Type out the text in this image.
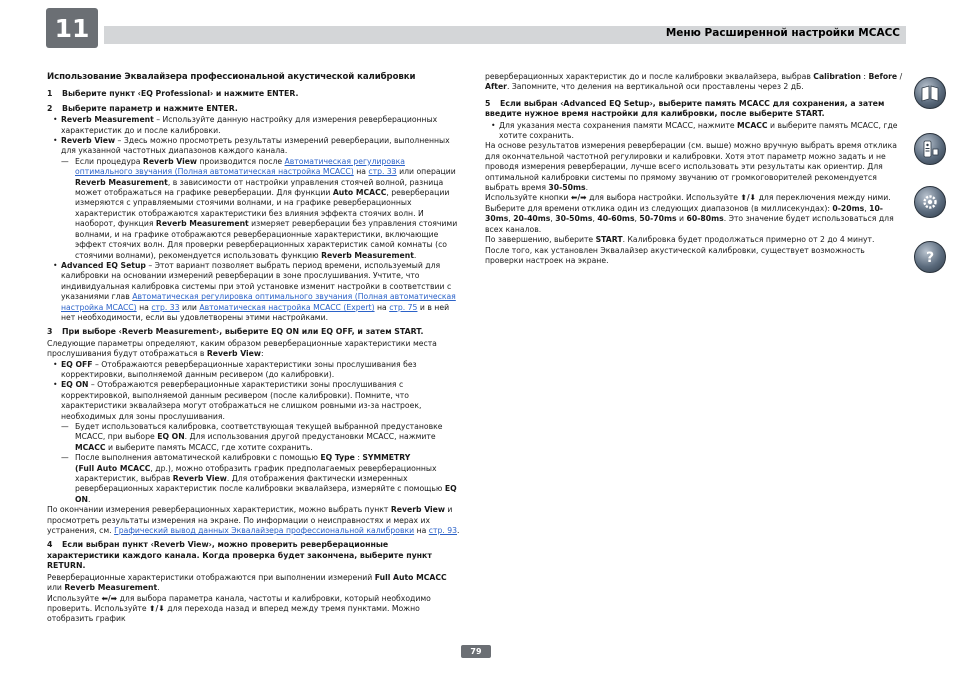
11	Меню Расширенной настройки MCACC
Использование Эквалайзера профессиональной акустической калибровки
1 Выберите пункт ‹EQ Professional› и нажмите ENTER.
2 Выберите параметр и нажмите ENTER.
• Reverb Measurement – Используйте данную настройку для измерения реверберационных характеристик до и после калибровки.
• Reverb View – Здесь можно просмотреть результаты измерений реверберации, выполненных для указанной частотных диапазонов каждого канала.
— Если процедура Reverb View производится после Автоматическая регулировка оптимального звучания (Полная автоматическая настройка MCACC) на стр. 33 или операции Reverb Measurement, в зависимости от настройки управления стоячей волной, разница может отображаться на графике реверберации. Для функции Auto MCACC, реверберации измеряются с управляемыми стоячими волнами, и на графике реверберационных характеристик отображаются характеристики без влияния эффекта стоячих волн. И наоборот, функция Reverb Measurement измеряет реверберации без управления стоячими волнами, и на графике отображаются реверберационные характеристики, включающие эффект стоячих волн. Для проверки реверберационных характеристик самой комнаты (со стоячими волнами), рекомендуется использовать функцию Reverb Measurement.
• Advanced EQ Setup – Этот вариант позволяет выбрать период времени, используемый для калибровки на основании измерений реверберации в зоне прослушивания. Учтите, что индивидуальная калибровка системы при этой установке изменит настройки в соответствии с указаниями глав Автоматическая регулировка оптимального звучания (Полная автоматическая настройка MCACC) на стр. 33 или Автоматическая настройка MCACC (Expert) на стр. 75 и в ней нет необходимости, если вы удовлетворены этими настройками.
3 При выборе ‹Reverb Measurement›, выберите EQ ON или EQ OFF, и затем START.
Следующие параметры определяют, каким образом реверберационные характеристики места прослушивания будут отображаться в Reverb View:
• EQ OFF – Отображаются реверберационные характеристики зоны прослушивания без корректировки, выполняемой данным ресивером (до калибровки).
• EQ ON – Отображаются реверберационные характеристики зоны прослушивания с корректировкой, выполняемой данным ресивером (после калибровки). Помните, что характеристики эквалайзера могут отображаться не слишком ровными из-за настроек, необходимых для зоны прослушивания.
— Будет использоваться калибровка, соответствующая текущей выбранной предустановке MCACC, при выборе EQ ON. Для использования другой предустановки MCACC, нажмите MCACC и выберите память MCACC, где хотите сохранить.
— После выполнения автоматической калибровки с помощью EQ Type : SYMMETRY
(Full Auto MCACC, др.), можно отобразить график предполагаемых реверберационных характеристик, выбрав Reverb View. Для отображения фактически измеренных реверберационных характеристик после калибровки эквалайзера, измеряйте с помощью EQ ON.
По окончании измерения реверберационных характеристик, можно выбрать пункт Reverb View и просмотреть результаты измерения на экране. По информации о неисправностях и мерах их устранения, см. Графический вывод данных Эквалайзера профессиональной калибровки на стр. 93.
4 Если выбран пункт ‹Reverb View›, можно проверить реверберационные характеристики каждого канала. Когда проверка будет закончена, выберите пункт RETURN.
Реверберационные характеристики отображаются при выполнении измерений Full Auto MCACC или Reverb Measurement.
Используйте ⬅/➡ для выбора параметра канала, частоты и калибровки, который необходимо проверить. Используйте ⬆/⬇ для перехода назад и вперед между тремя пунктами. Можно отобразить график
реверберационных характеристик до и после калибровки эквалайзера, выбрав Calibration : Before /
After. Запомните, что деления на вертикальной оси проставлены через 2 дБ.
5 Если выбран ‹Advanced EQ Setup›, выберите память MCACC для сохранения, а затем введите нужное время настройки для калибровки, после выберите START.
• Для указания места сохранения памяти MCACC, нажмите MCACC и выберите память MCACC, где хотите сохранить.
На основе результатов измерения реверберации (см. выше) можно вручную выбрать время отклика для окончательной частотной регулировки и калибровки. Хотя этот параметр можно задать и не проводя измерения реверберации, лучше всего использовать эти результаты как ориентир. Для оптимальной калибровки системы по прямому звучанию от громкоговорителей рекомендуется выбрать время 30-50ms.
Используйте кнопки ⬅/➡ для выбора настройки. Используйте ⬆/⬇ для переключения между ними. Выберите для времени отклика один из следующих диапазонов (в миллисекундах): 0-20ms, 10-30ms, 20-40ms, 30-50ms, 40-60ms, 50-70ms и 60-80ms. Это значение будет использоваться для всех каналов.
По завершению, выберите START. Калибровка будет продолжаться примерно от 2 до 4 минут.
После того, как установлен Эквалайзер акустической калибровки, существует возможность проверки настроек на экране.	?
79
